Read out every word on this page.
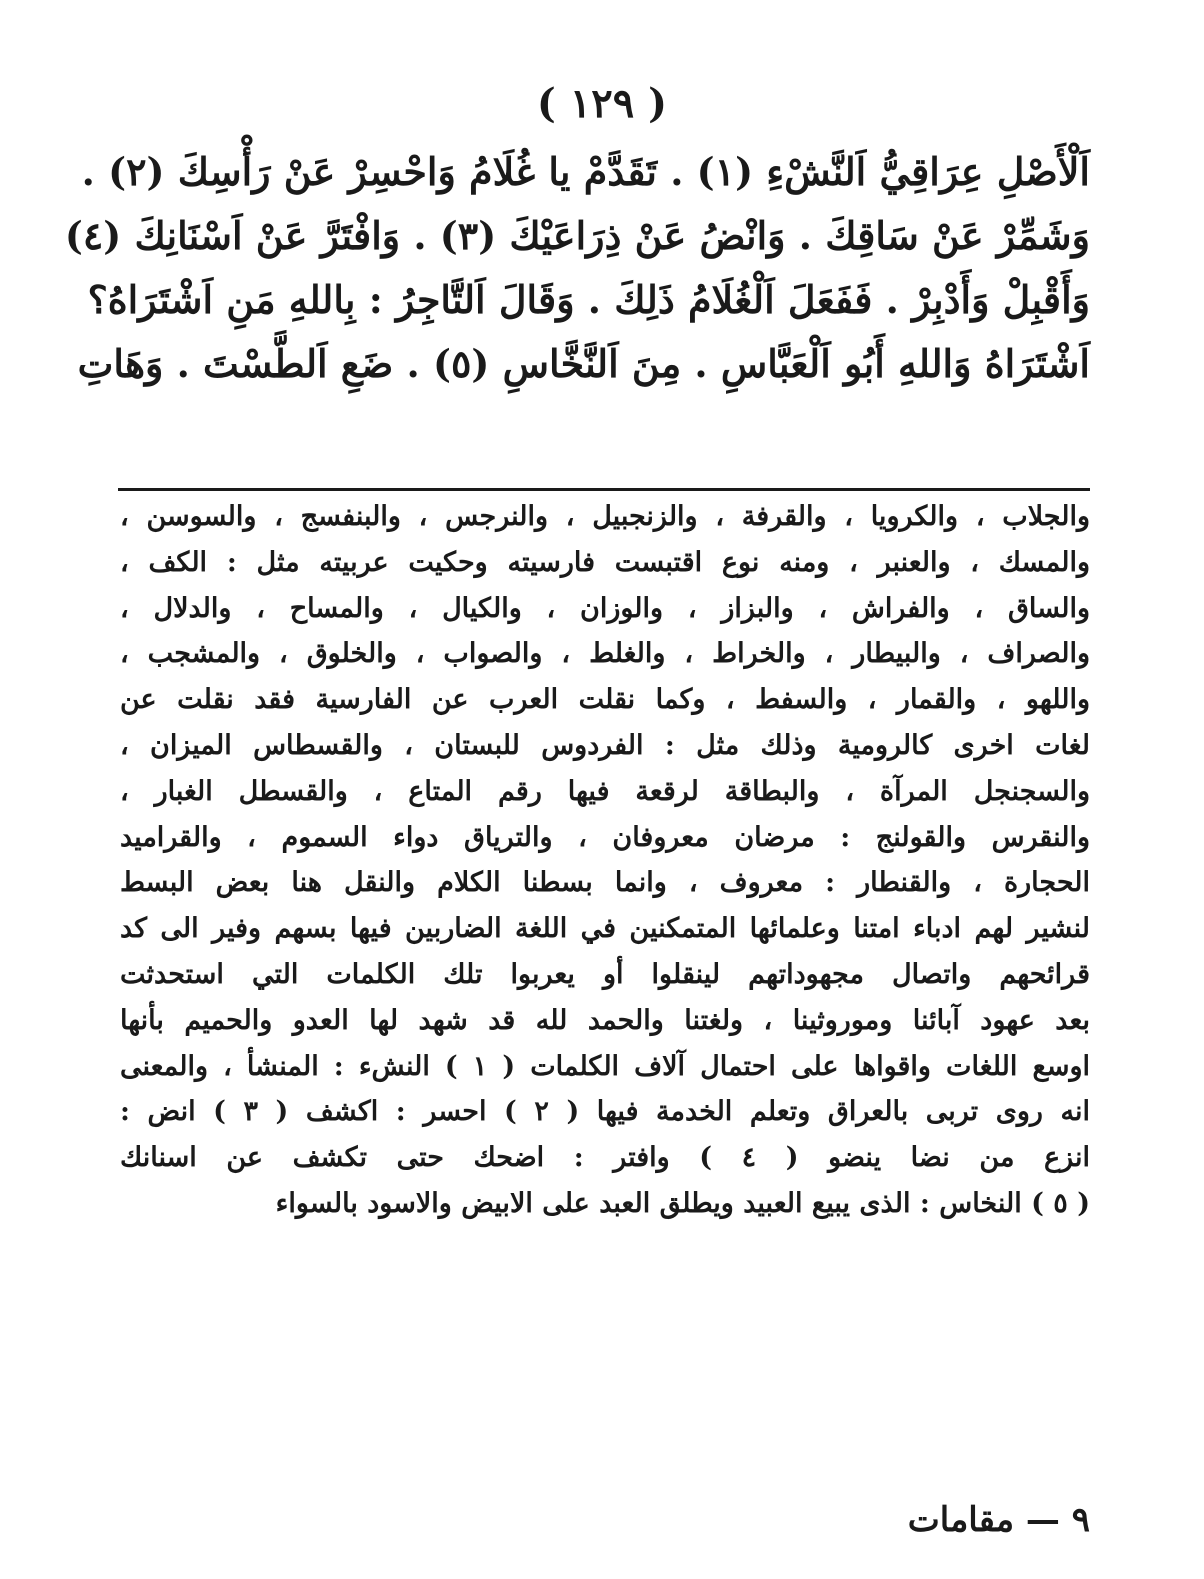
( ١٢٩ )
اَلْأَصْلِ عِرَاقِيُّ اَلنَّشْءِ (١) . تَقَدَّمْ يا غُلَامُ وَاحْسِرْ عَنْ رَأْسِكَ (٢) .
وَشَمِّرْ عَنْ سَاقِكَ . وَانْضُ عَنْ ذِرَاعَيْكَ (٣) . وَافْتَرَّ عَنْ اَسْنَانِكَ (٤)
وَأَقْبِلْ وَأَدْبِرْ . فَفَعَلَ اَلْغُلَامُ ذَلِكَ . وَقَالَ اَلتَّاجِرُ : بِاللهِ مَنِ اَشْتَرَاهُ؟
اَشْتَرَاهُ وَاللهِ أَبُو اَلْعَبَّاسِ . مِنَ اَلنَّخَّاسِ (٥) . ضَعِ اَلطَّسْتَ . وَهَاتِ
والجلاب ، والكرويا ، والقرفة ، والزنجبيل ، والنرجس ، والبنفسج ، والسوسن ،
والمسك ، والعنبر ، ومنه نوع اقتبست فارسيته وحكيت عربيته مثل : الكف ،
والساق ، والفراش ، والبزاز ، والوزان ، والكيال ، والمساح ، والدلال ،
والصراف ، والبيطار ، والخراط ، والغلط ، والصواب ، والخلوق ، والمشجب ،
واللهو ، والقمار ، والسفط ، وكما نقلت العرب عن الفارسية فقد نقلت عن
لغات اخرى كالرومية وذلك مثل : الفردوس للبستان ، والقسطاس الميزان ،
والسجنجل المرآة ، والبطاقة لرقعة فيها رقم المتاع ، والقسطل الغبار ،
والنقرس والقولنج : مرضان معروفان ، والترياق دواء السموم ، والقراميد
الحجارة ، والقنطار : معروف ، وانما بسطنا الكلام والنقل هنا بعض البسط
لنشير لهم ادباء امتنا وعلمائها المتمكنين في اللغة الضاربين فيها بسهم وفير الى كد
قرائحهم واتصال مجهوداتهم لينقلوا أو يعربوا تلك الكلمات التي استحدثت
بعد عهود آبائنا وموروثينا ، ولغتنا والحمد لله قد شهد لها العدو والحميم بأنها
اوسع اللغات واقواها على احتمال آلاف الكلمات ( ١ ) النشء : المنشأ ، والمعنى
انه روى تربى بالعراق وتعلم الخدمة فيها ( ٢ ) احسر : اكشف ( ٣ ) انض :
انزع من نضا ينضو ( ٤ ) وافتر : اضحك حتى تكشف عن اسنانك
( ٥ ) النخاس : الذى يبيع العبيد ويطلق العبد على الابيض والاسود بالسواء
٩ — مقامات
